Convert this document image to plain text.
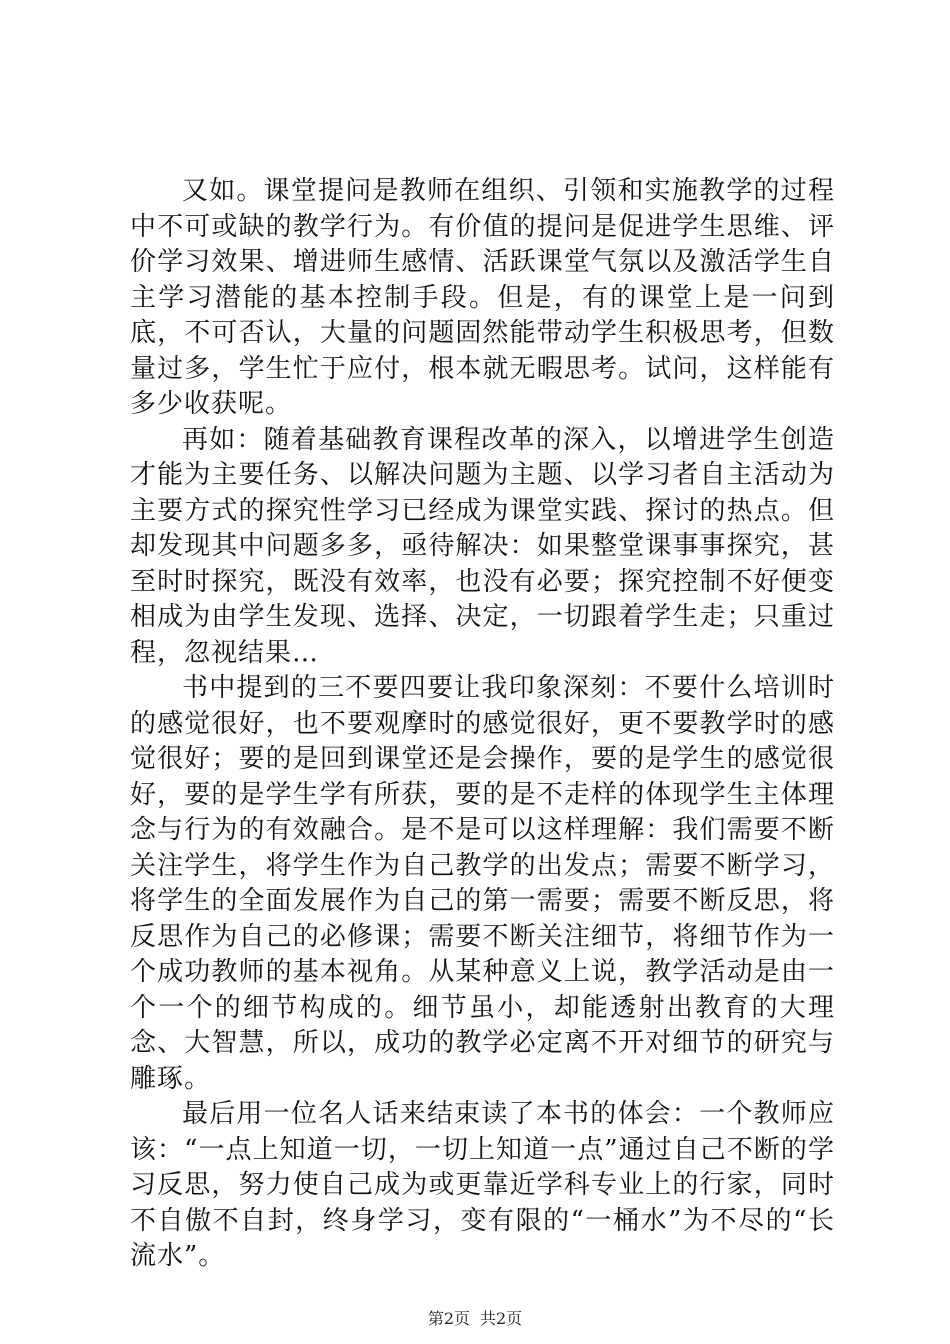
又如。课堂提问是教师在组织、引领和实施教学的过程中不可或缺的教学行为。有价值的提问是促进学生思维、评价学习效果、增进师生感情、活跃课堂气氛以及激活学生自主学习潜能的基本控制手段。但是，有的课堂上是一问到底，不可否认，大量的问题固然能带动学生积极思考，但数量过多，学生忙于应付，根本就无暇思考。试问，这样能有多少收获呢。

再如：随着基础教育课程改革的深入，以增进学生创造才能为主要任务、以解决问题为主题、以学习者自主活动为主要方式的探究性学习已经成为课堂实践、探讨的热点。但却发现其中问题多多，亟待解决：如果整堂课事事探究，甚至时时探究，既没有效率，也没有必要；探究控制不好便变相成为由学生发现、选择、决定，一切跟着学生走；只重过程，忽视结果…

书中提到的三不要四要让我印象深刻：不要什么培训时的感觉很好，也不要观摩时的感觉很好，更不要教学时的感觉很好；要的是回到课堂还是会操作，要的是学生的感觉很好，要的是学生学有所获，要的是不走样的体现学生主体理念与行为的有效融合。是不是可以这样理解：我们需要不断关注学生，将学生作为自己教学的出发点；需要不断学习，将学生的全面发展作为自己的第一需要；需要不断反思，将反思作为自己的必修课；需要不断关注细节，将细节作为一个成功教师的基本视角。从某种意义上说，教学活动是由一个一个的细节构成的。细节虽小，却能透射出教育的大理念、大智慧，所以，成功的教学必定离不开对细节的研究与雕琢。

最后用一位名人话来结束读了本书的体会：一个教师应该：“一点上知道一切，一切上知道一点”通过自己不断的学习反思，努力使自己成为或更靠近学科专业上的行家，同时不自傲不自封，终身学习，变有限的“一桶水”为不尽的“长流水”。

第2页 共2页
